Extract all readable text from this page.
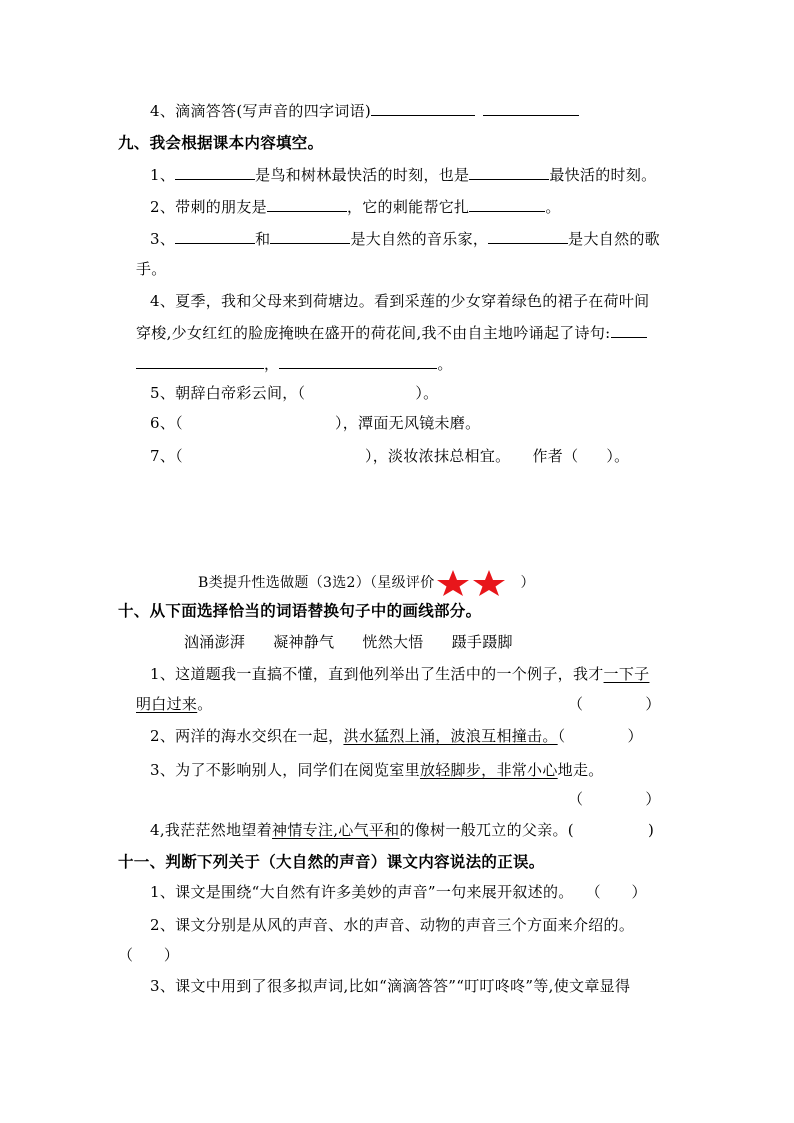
4、滴滴答答(写声音的四字词语)
九、我会根据课本内容填空。
1、	是鸟和树林最快活的时刻，也是	最快活的时刻。
2、带刺的朋友是	，它的刺能帮它扎	。
3、	和	是大自然的音乐家，	是大自然的歌
手。
4、夏季，我和父母来到荷塘边。看到采莲的少女穿着绿色的裙子在荷叶间
穿梭,少女红红的脸庞掩映在盛开的荷花间,我不由自主地吟诵起了诗句:
，	。
5、朝辞白帝彩云间，（	）。
6、（	），潭面无风镜未磨。
7、（	），淡妆浓抹总相宜。 作者（ ）。
B类提升性选做题（3选2）（星级评价	）
十、从下面选择恰当的词语替换句子中的画线部分。
汹涌澎湃 凝神静气 恍然大悟 蹑手蹑脚
1、这道题我一直搞不懂，直到他列举出了生活中的一个例子，我才一下子
明白过来。	（	）
2、两洋的海水交织在一起，洪水猛烈上涌，波浪互相撞击。（	）
3、为了不影响别人，同学们在阅览室里放轻脚步，非常小心地走。
（	）
4,我茫茫然地望着神情专注,心气平和的像树一般兀立的父亲。(	)
十一、判断下列关于（大自然的声音）课文内容说法的正误。
1、课文是围绕“大自然有许多美妙的声音”一句来展开叙述的。 （　　）
2、课文分别是从风的声音、水的声音、动物的声音三个方面来介绍的。
（　　）
3、课文中用到了很多拟声词,比如“滴滴答答”“叮叮咚咚”等,使文章显得
